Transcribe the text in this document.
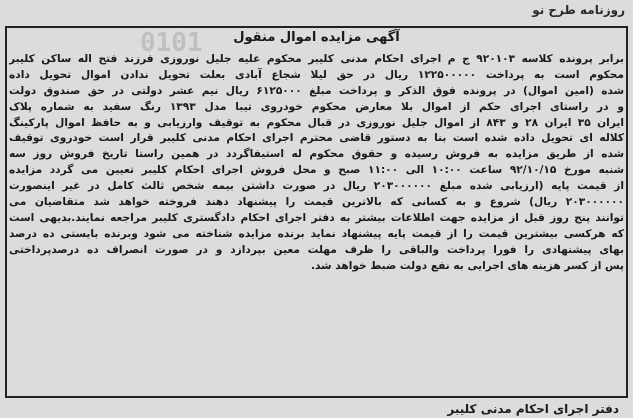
0101
روزنامه طرح نو
آگهی مزایده اموال منقول
برابر پرونده کلاسه ۹۲۰۱۰۳ ج م اجرای احکام مدنی کلیبر محکوم علیه جلیل نوروزی فرزند فتح اله ساکن کلیبر
محکوم است به پرداخت ۱۲۲۵۰۰۰۰۰ ریال در حق لیلا شجاع آبادی بعلت تحویل ندادن اموال تحویل داده
شده (امین اموال) در پرونده فوق الذکر و پرداخت مبلغ ۶۱۲۵۰۰۰ ریال نیم عشر دولتی در حق صندوق دولت
و در راستای اجرای حکم از اموال بلا معارض محکوم خودروی تیبا مدل ۱۳۹۳ رنگ سفید به شماره پلاک
ایران ۳۵ ایران ۲۸ و ۸۴۳ از اموال جلیل نوروزی در قبال محکوم به توقیف وارزیابی و به حافظ اموال پارکینگ
کلاله ای تحویل داده شده است بنا به دستور قاضی محترم اجرای احکام مدنی کلیبر قرار است خودروی توقیف
شده از طریق مزایده به فروش رسیده و حقوق محکوم له استیفاگردد در همین راستا تاریخ فروش روز سه
شنبه مورخ ۹۲/۱۰/۱۵ ساعت ۱۰:۰۰ الی ۱۱:۰۰ صبح و محل فروش اجرای احکام کلیبر تعیین می گردد مزایده
از قیمت پایه (ارزیابی شده مبلغ ۲۰۳۰۰۰۰۰۰ ریال در صورت داشتن بیمه شخص ثالث کامل در غیر اینصورت
۲۰۳۰۰۰۰۰۰ ریال) شروع و به کسانی که بالاترین قیمت را پیشنهاد دهند فروخته خواهد شد متقاضیان می
توانند پنج روز قبل از مزایده جهت اطلاعات بیشتر به دفتر اجرای احکام دادگستری کلیبر مراجعه نمایند.بدیهی است
که هرکسی بیشترین قیمت را از قیمت پایه پیشنهاد نماید برنده مزایده شناخته می شود وبرنده بایستی ده درصد
بهای پیشنهادی را فورا پرداخت والباقی را ظرف مهلت معین بپردازد و در صورت انصراف ده درصدپرداختی
پس از کسر هزینه های اجرایی به نفع دولت ضبط خواهد شد.
دفتر اجرای احکام مدنی کلیبر
